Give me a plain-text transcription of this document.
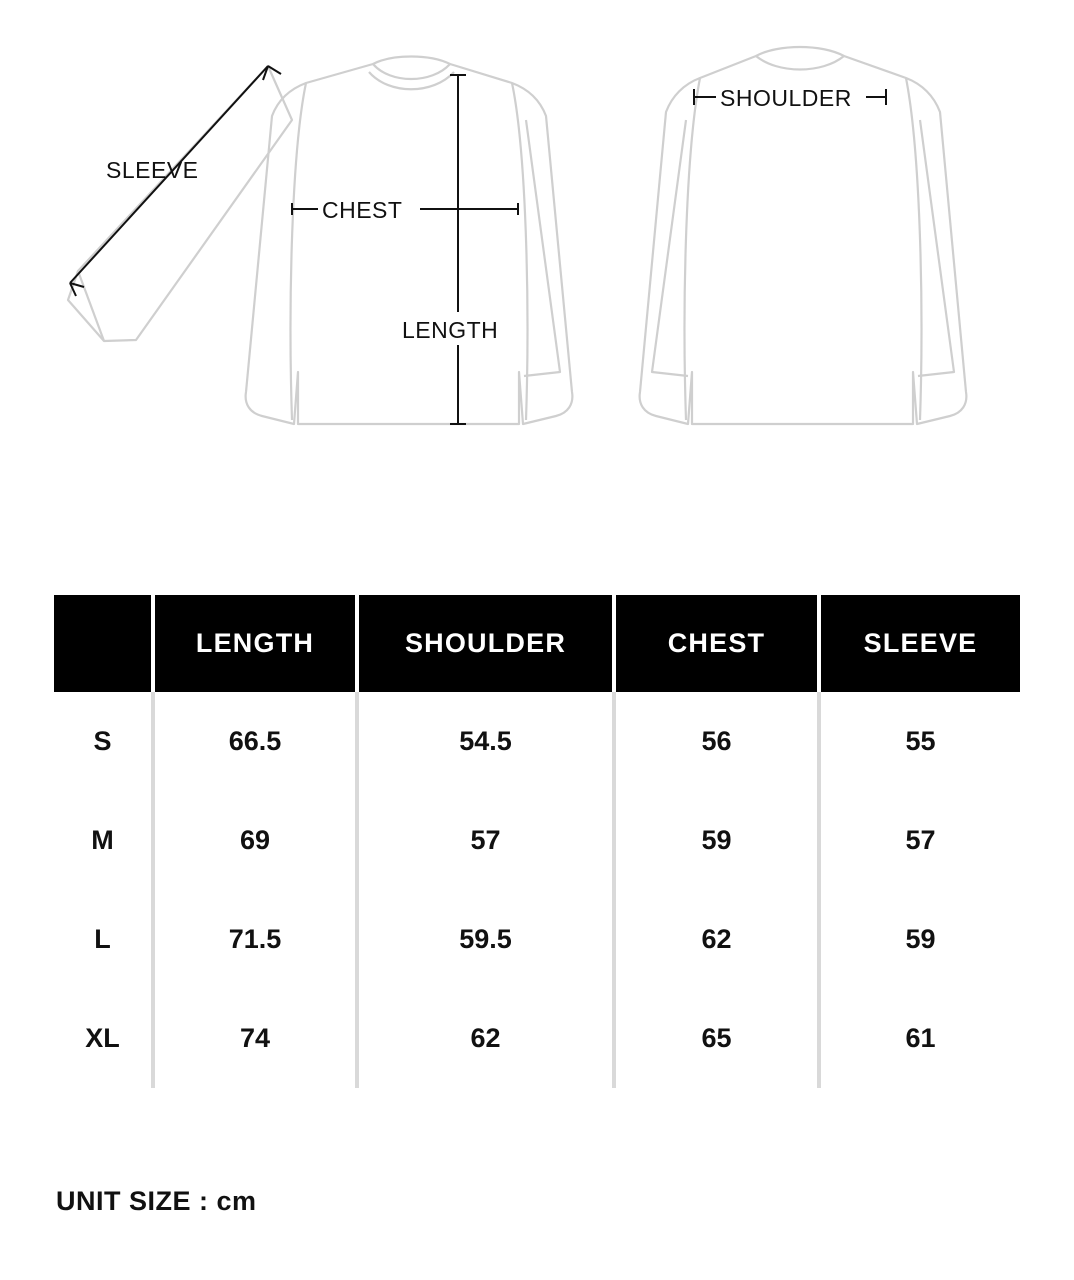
SLEEVE
CHEST
LENGTH
SHOULDER
	LENGTH	SHOULDER	CHEST	SLEEVE
S	66.5	54.5	56	55
M	69	57	59	57
L	71.5	59.5	62	59
XL	74	62	65	61
UNIT SIZE : cm
